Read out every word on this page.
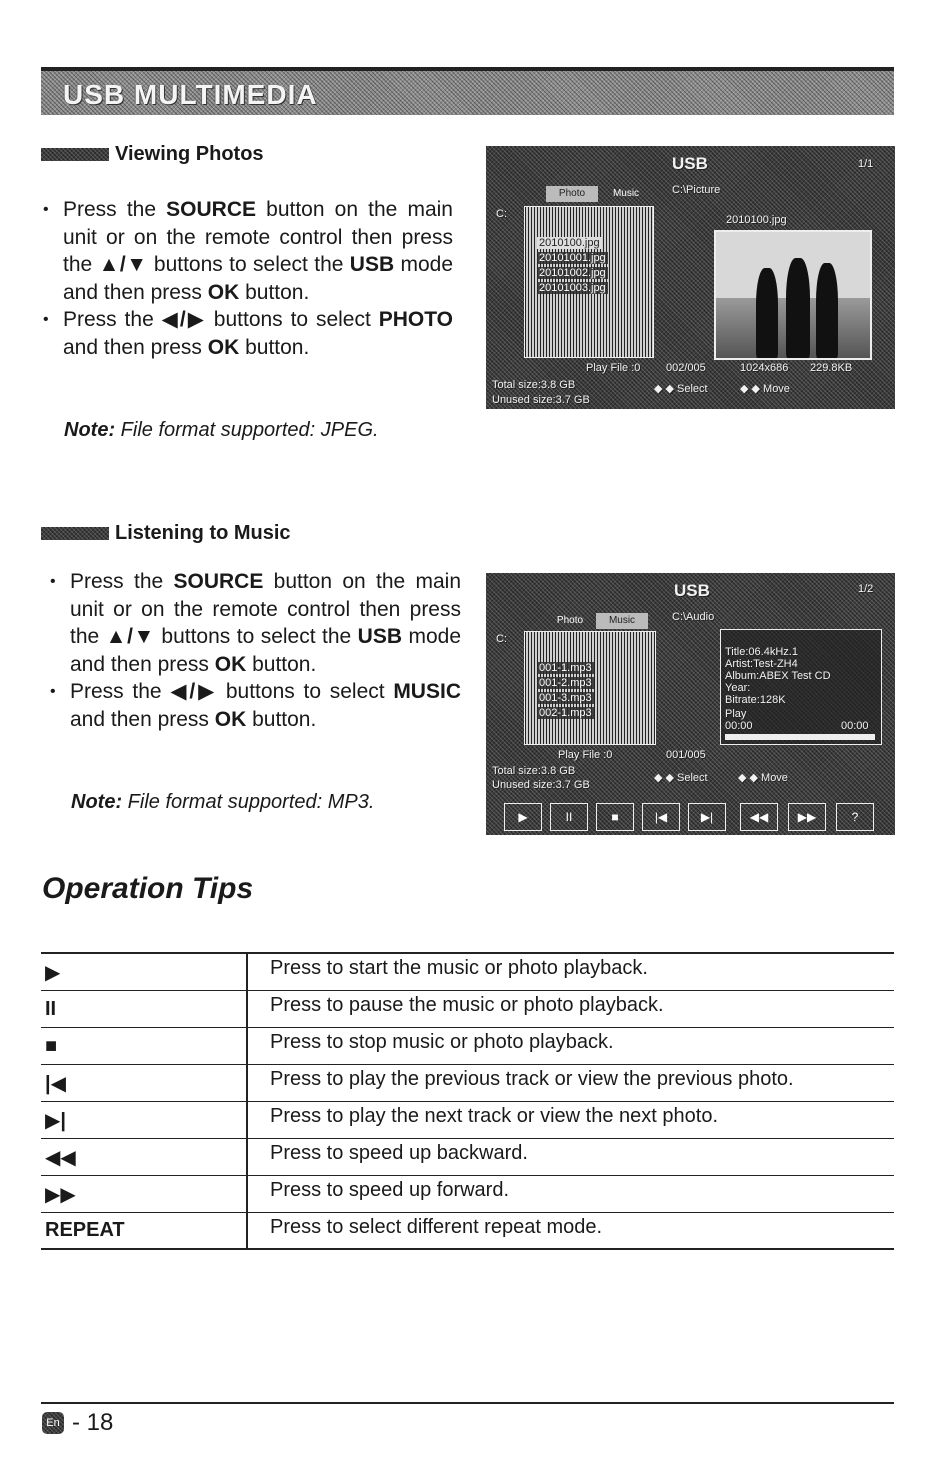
USB MULTIMEDIA
Viewing Photos
• Press the SOURCE button on the main unit or on the remote control then press the ▲/▼ buttons to select the USB mode and then press OK button.
• Press the ◀/▶ buttons to select PHOTO and then press OK button.
Note: File format supported: JPEG.
USB	1/1
Photo	Music	C:\Picture
C:
2010100.jpg
20101001.jpg
20101002.jpg
20101003.jpg
2010100.jpg
Play File :0 002/005	1024x686 229.8KB
Total size:3.8 GB
Unused size:3.7 GB
◆ ◆ Select	◆ ◆ Move
Listening to Music
• Press the SOURCE button on the main unit or on the remote control then press the ▲/▼ buttons to select the USB mode and then press OK button.
• Press the ◀/▶ buttons to select MUSIC and then press OK button.
Note: File format supported: MP3.
USB	1/2
Photo	Music	C:\Audio
C:
001-1.mp3
001-2.mp3
001-3.mp3
002-1.mp3
Title:06.4kHz.1
Artist:Test-ZH4
Album:ABEX Test CD
Year:
Bitrate:128K
Play
00:00	00:00
Play File :0	001/005
Total size:3.8 GB
Unused size:3.7 GB
◆ ◆ Select	◆ ◆ Move
▶	II	■	|◀	▶|	◀◀	▶▶	?
Operation Tips
▶	Press to start the music or photo playback.
II	Press to pause the music or photo playback.
■	Press to stop music or photo playback.
|◀	Press to play the previous track or view the previous photo.
▶|	Press to play the next track or view the next photo.
◀◀	Press to speed up backward.
▶▶	Press to speed up forward.
REPEAT	Press to select different repeat mode.
En - 18
